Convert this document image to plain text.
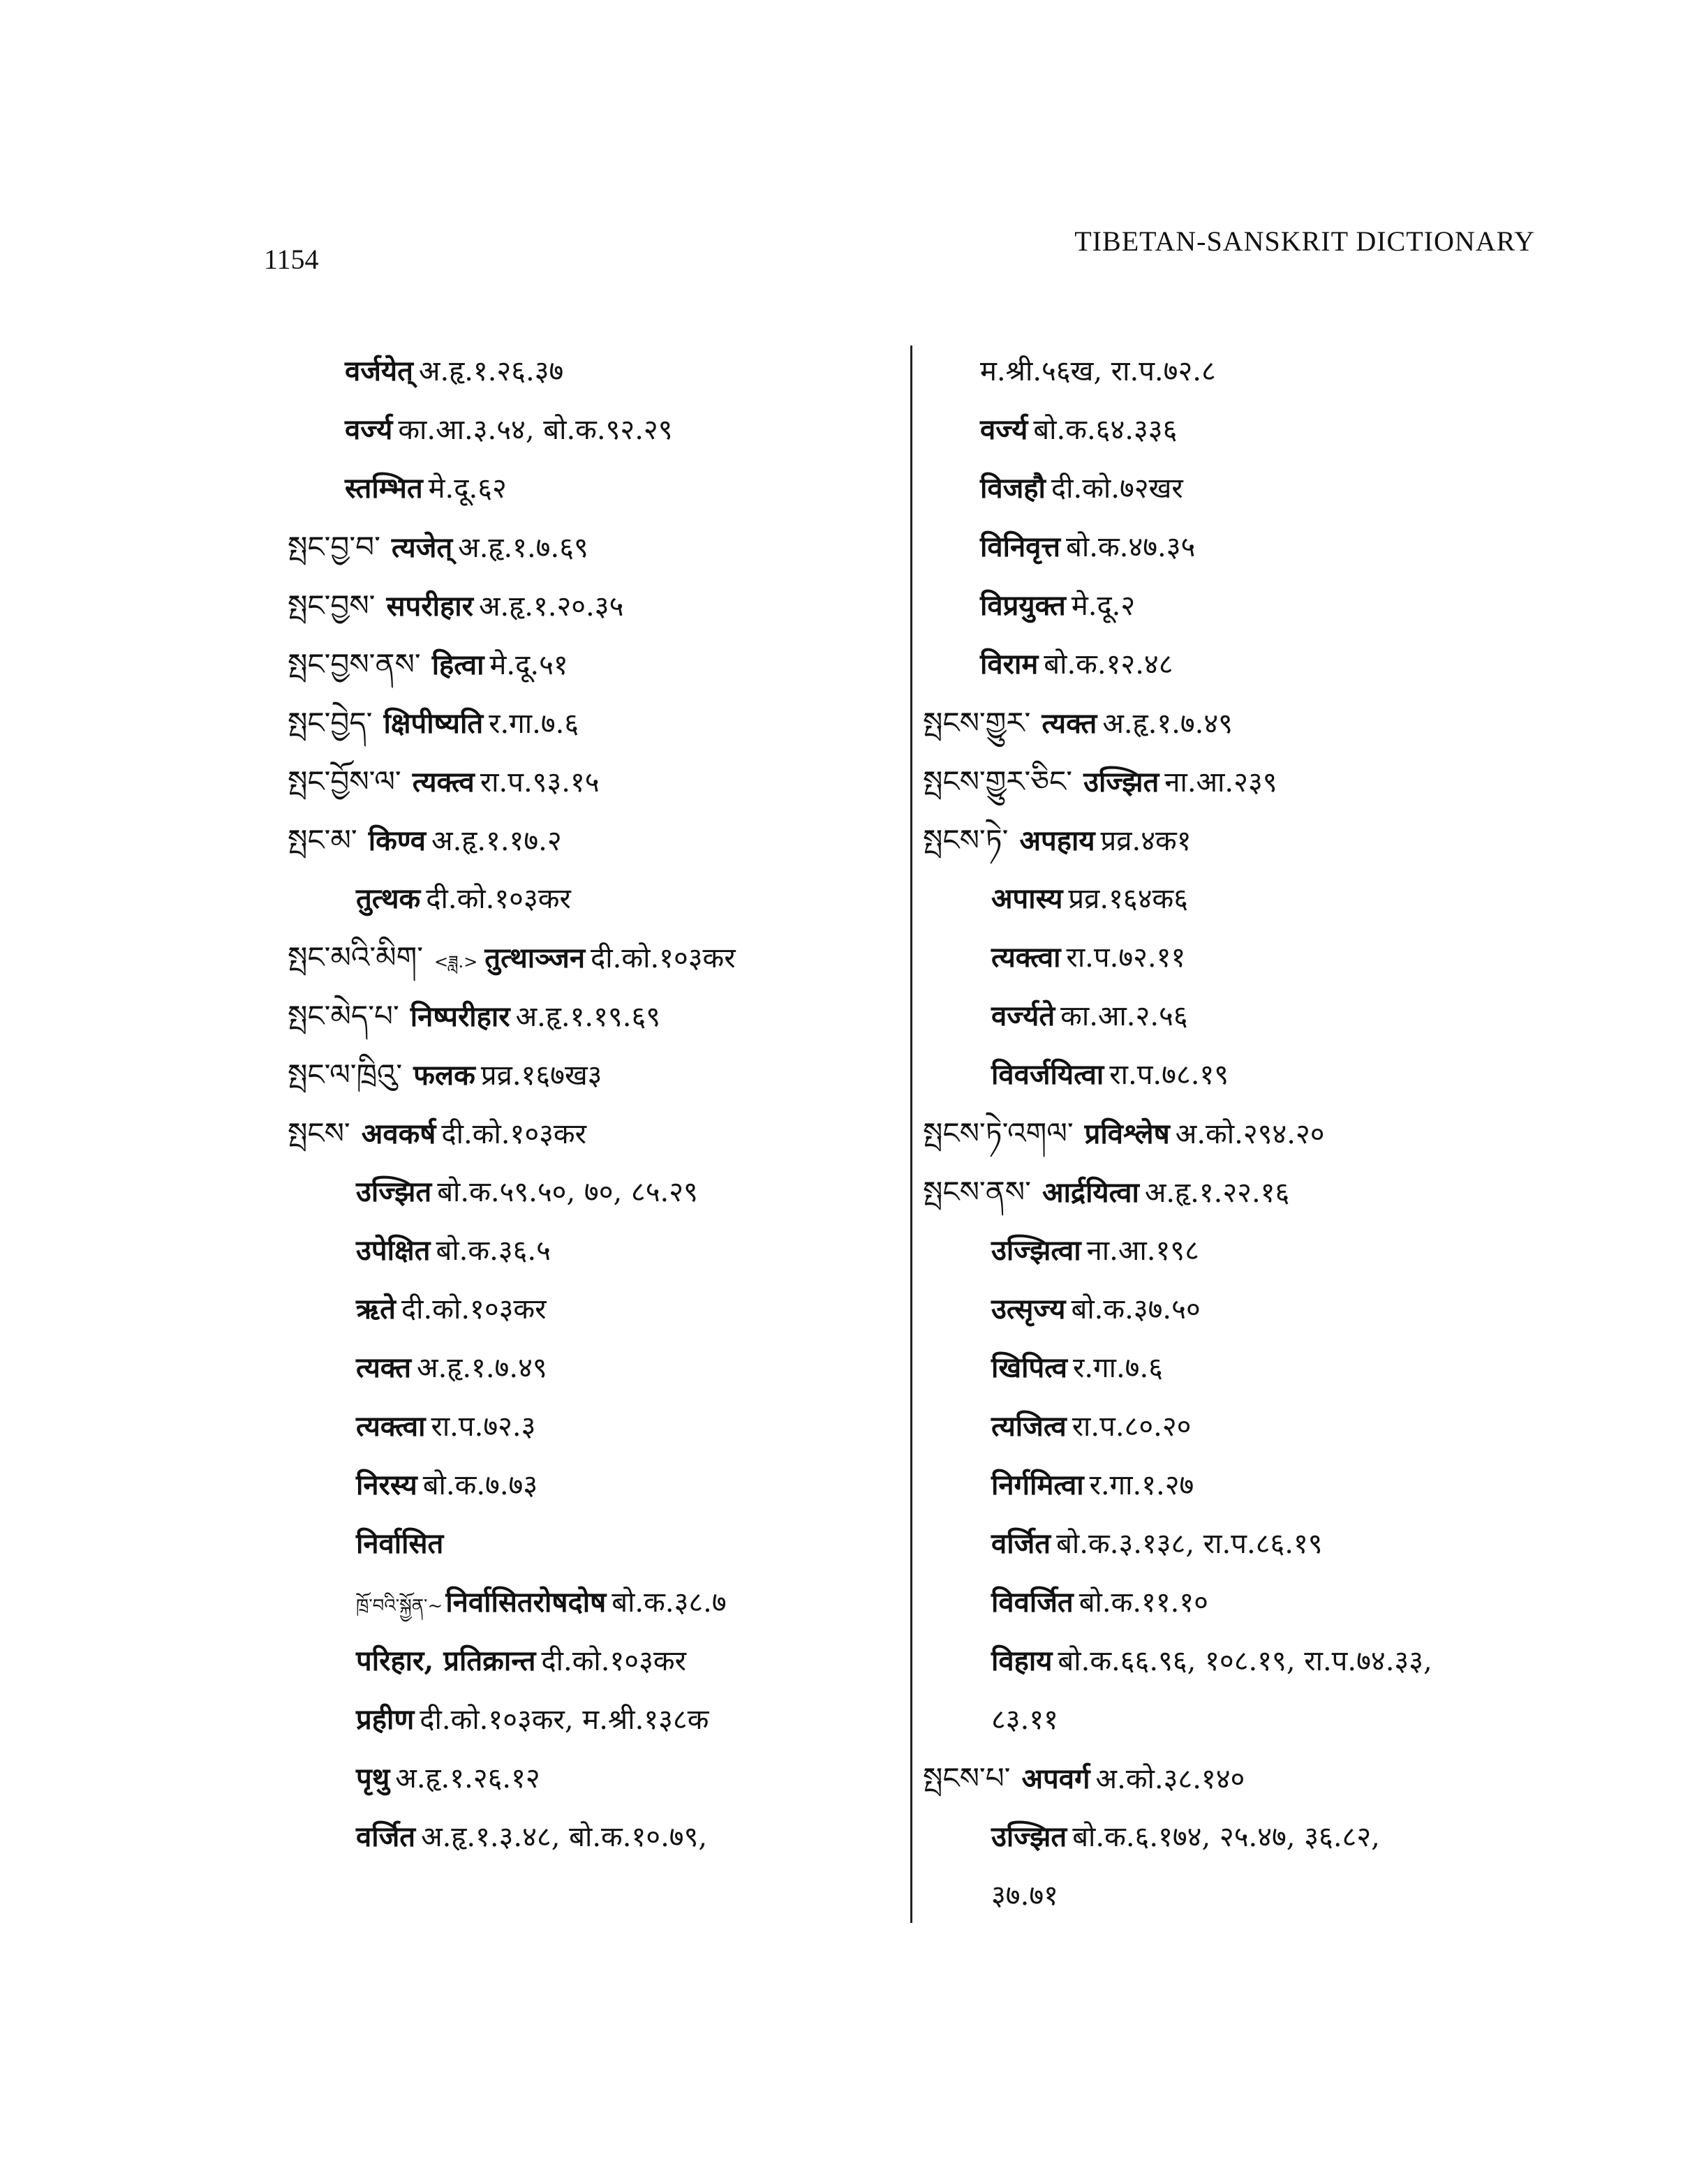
1154
TIBETAN-SANSKRIT DICTIONARY
वर्जयेत् अ.हृ.१.२६.३७
वर्ज्य का.आ.३.५४, बो.क.९२.२९
स्तम्भित मे.दू.६२
སྤང་བྱ་བ་ त्यजेत् अ.हृ.१.७.६९
སྤང་བྱས་ सपरीहार अ.हृ.१.२०.३५
སྤང་བྱས་ནས་ हित्वा मे.दू.५१
སྤང་བྱེད་ क्षिपीष्यति र.गा.७.६
སྤང་བྱོས་ལ་ त्यक्त्व रा.प.९३.१५
སྤང་མ་ किण्व अ.हृ.१.१७.२
तुत्थक दी.को.१०३कर
སྤང་མའི་མིག་ <ཟླ.> तुत्थाञ्जन दी.को.१०३कर
སྤང་མེད་པ་ निष्परीहार अ.हृ.१.१९.६९
སྤང་ལ་ཁྲིའུ་ फलक प्रव्र.१६७ख३
སྤངས་ अवकर्ष दी.को.१०३कर
उज्झित बो.क.५९.५०, ७०, ८५.२९
उपेक्षित बो.क.३६.५
ऋते दी.को.१०३कर
त्यक्त अ.हृ.१.७.४९
त्यक्त्वा रा.प.७२.३
निरस्य बो.क.७.७३
निर्वासित
ཁྲོ་བའི་སྐྱོན་~ निर्वासितरोषदोष बो.क.३८.७
परिहार, प्रतिक्रान्त दी.को.१०३कर
प्रहीण दी.को.१०३कर, म.श्री.१३८क
पृथु अ.हृ.१.२६.१२
वर्जित अ.हृ.१.३.४८, बो.क.१०.७९,
म.श्री.५६ख, रा.प.७२.८
वर्ज्य बो.क.६४.३३६
विजहौ दी.को.७२खर
विनिवृत्त बो.क.४७.३५
विप्रयुक्त मे.दू.२
विराम बो.क.१२.४८
སྤངས་གྱུར་ त्यक्त अ.हृ.१.७.४९
སྤངས་གྱུར་ཅིང་ उज्झित ना.आ.२३९
སྤངས་ཏེ་ अपहाय प्रव्र.४क१
अपास्य प्रव्र.१६४क६
त्यक्त्वा रा.प.७२.११
वर्ज्यते का.आ.२.५६
विवर्जयित्वा रा.प.७८.१९
སྤངས་ཏེ་འགལ་ प्रविश्लेष अ.को.२९४.२०
སྤངས་ནས་ आर्द्रयित्वा अ.हृ.१.२२.१६
उज्झित्वा ना.आ.१९८
उत्सृज्य बो.क.३७.५०
खिपित्व र.गा.७.६
त्यजित्व रा.प.८०.२०
निर्गमित्वा र.गा.१.२७
वर्जित बो.क.३.१३८, रा.प.८६.१९
विवर्जित बो.क.११.१०
विहाय बो.क.६६.९६, १०८.१९, रा.प.७४.३३,
८३.११
སྤངས་པ་ अपवर्ग अ.को.३८.१४०
उज्झित बो.क.६.१७४, २५.४७, ३६.८२,
३७.७१
